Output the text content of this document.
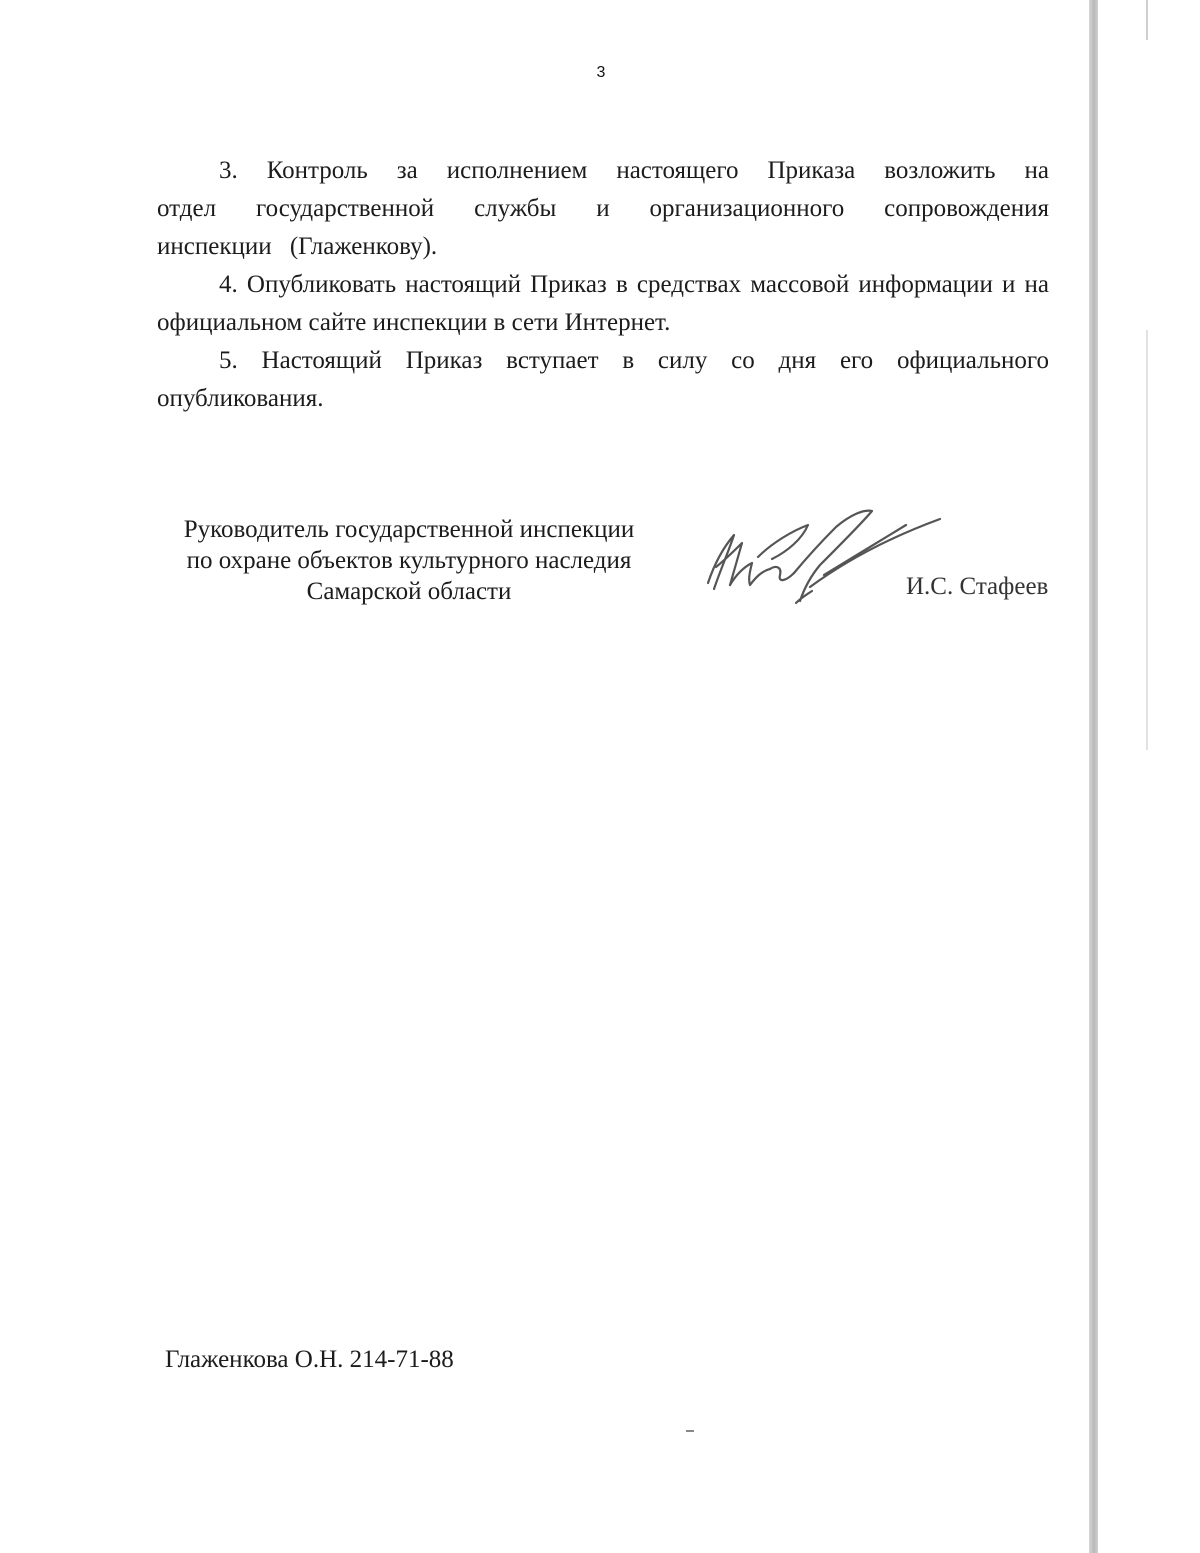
3

3. Контроль за исполнением настоящего Приказа возложить на отдел государственной службы и организационного сопровождения инспекции (Глаженкову).

4. Опубликовать настоящий Приказ в средствах массовой информации и на официальном сайте инспекции в сети Интернет.

5. Настоящий Приказ вступает в силу со дня его официального опубликования.

Руководитель государственной инспекции
по охране объектов культурного наследия
Самарской области	И.С. Стафеев
Глаженкова О.Н. 214-71-88
